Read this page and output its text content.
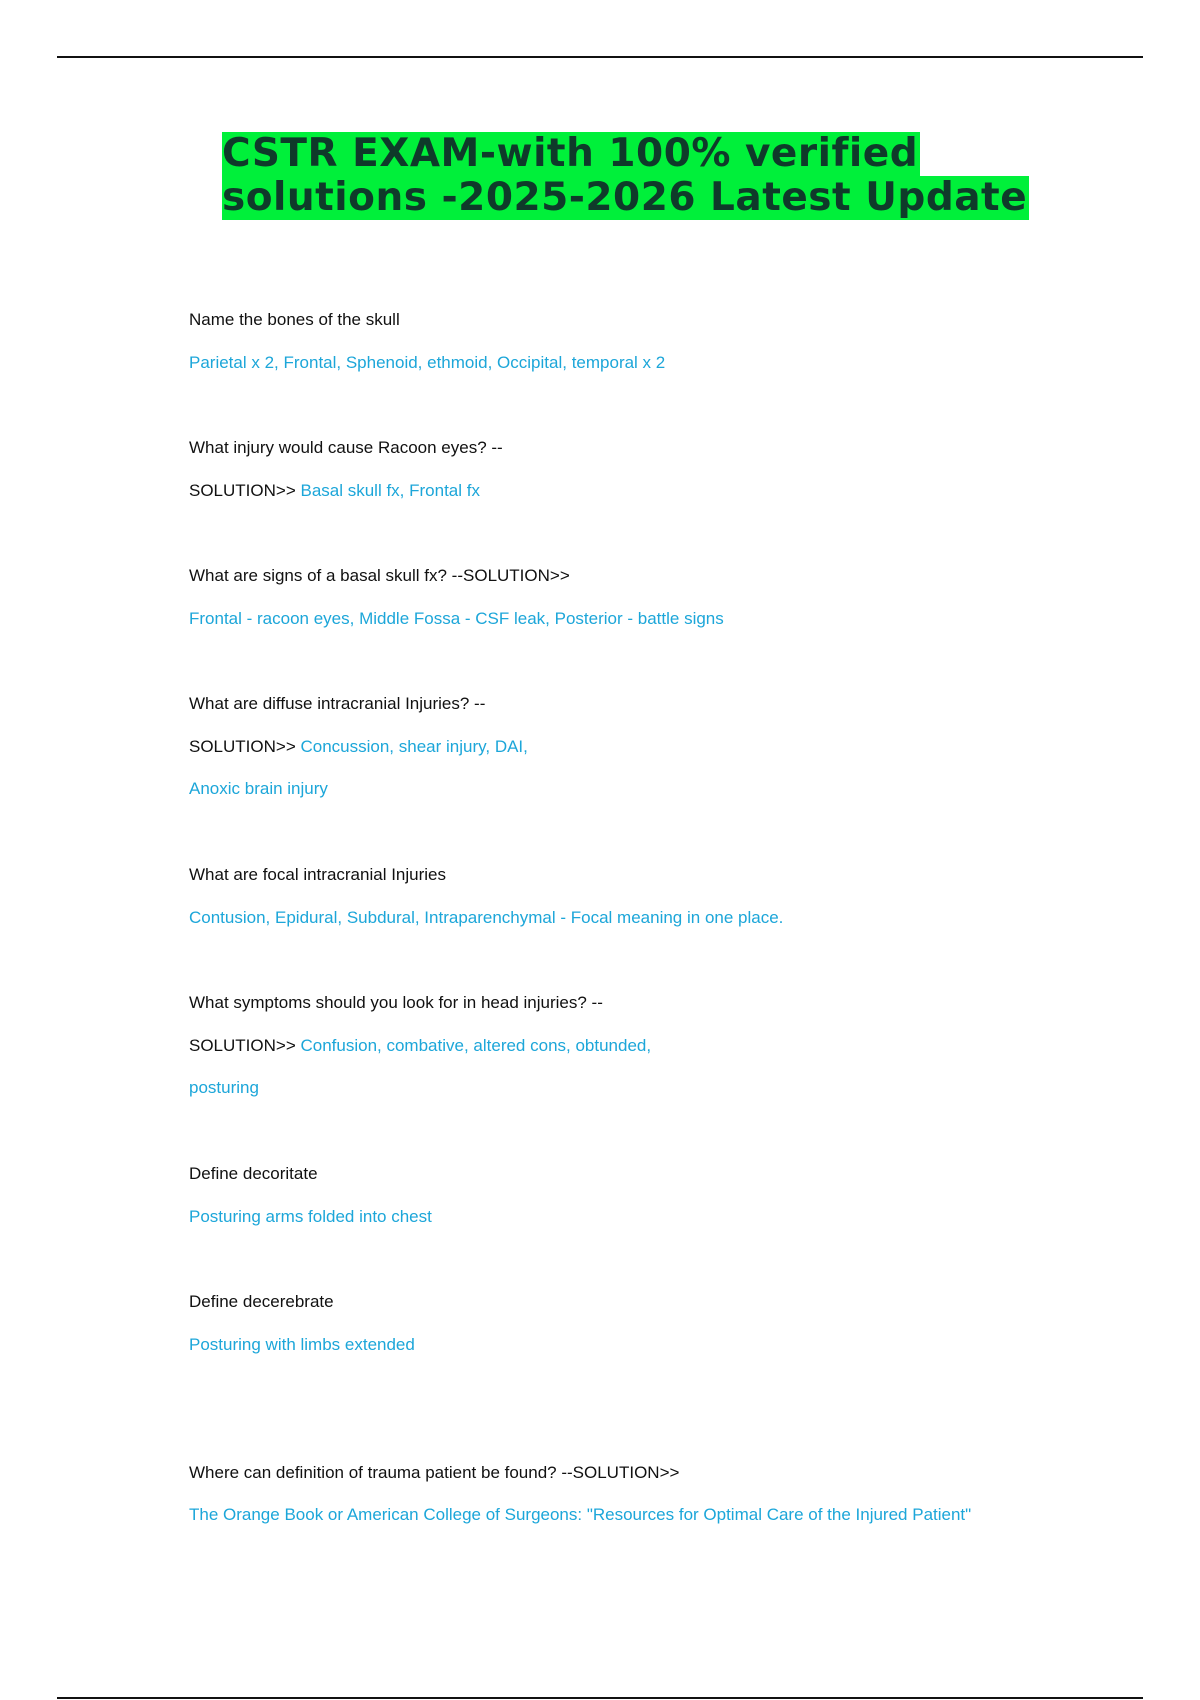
CSTR EXAM-with 100% verified
solutions -2025-2026 Latest Update
Name the bones of the skull
Parietal x 2, Frontal, Sphenoid, ethmoid, Occipital, temporal x 2
What injury would cause Racoon eyes? --
SOLUTION>> Basal skull fx, Frontal fx
What are signs of a basal skull fx? --SOLUTION>>
Frontal - racoon eyes, Middle Fossa - CSF leak, Posterior - battle signs
What are diffuse intracranial Injuries? --
SOLUTION>> Concussion, shear injury, DAI,
Anoxic brain injury
What are focal intracranial Injuries
Contusion, Epidural, Subdural, Intraparenchymal - Focal meaning in one place.
What symptoms should you look for in head injuries? --
SOLUTION>> Confusion, combative, altered cons, obtunded,
posturing
Define decoritate
Posturing arms folded into chest
Define decerebrate
Posturing with limbs extended
Where can definition of trauma patient be found? --SOLUTION>>
The Orange Book or American College of Surgeons: "Resources for Optimal Care of the Injured Patient"
